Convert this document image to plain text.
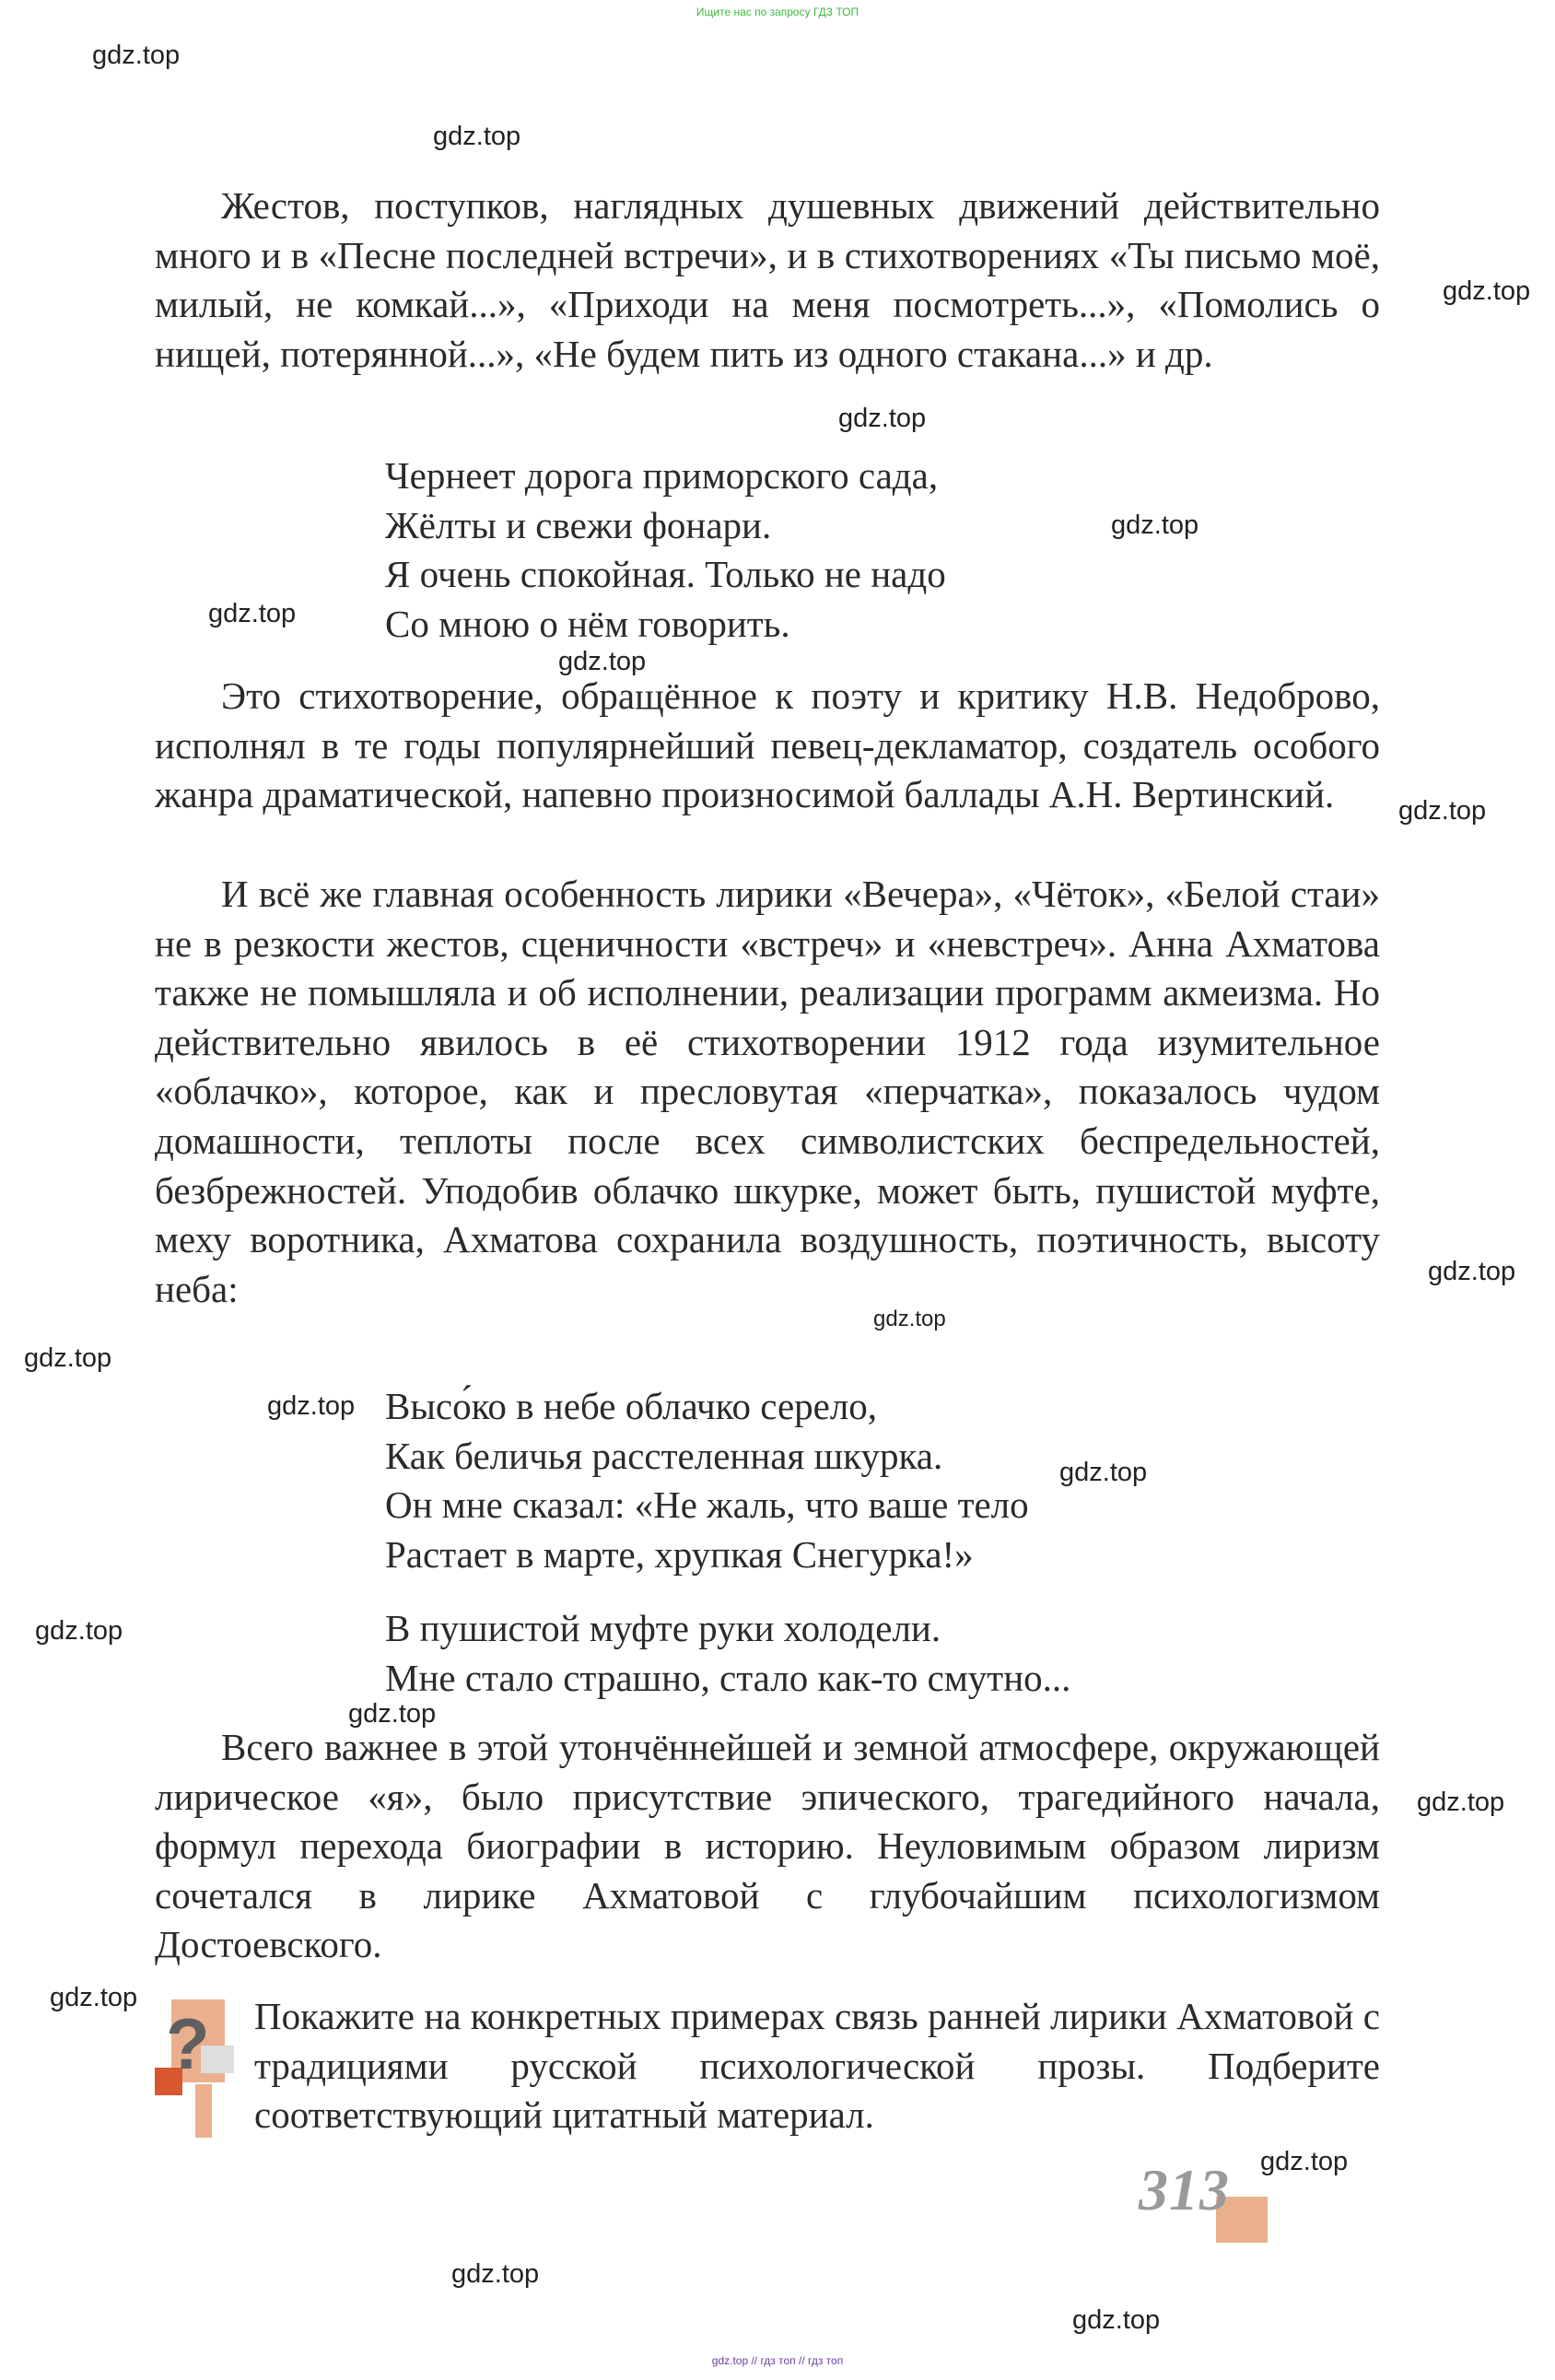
Ищите нас по запросу ГДЗ ТОП
gdz.top // гдз топ // гдз топ
gdz.top
gdz.top
gdz.top
gdz.top
gdz.top
gdz.top
gdz.top
gdz.top
gdz.top
gdz.top
gdz.top
gdz.top
gdz.top
gdz.top
gdz.top
gdz.top
gdz.top
gdz.top
gdz.top
gdz.top

Жестов, поступков, наглядных душевных движений действительно много и в «Песне последней встречи», и в стихотворениях «Ты письмо моё, милый, не комкай...», «Приходи на меня посмотреть...», «Помолись о нищей, потерянной...», «Не будем пить из одного стакана...» и др.

Чернеет дорога приморского сада,
Жёлты и свежи фонари.
Я очень спокойная. Только не надо
Со мною о нём говорить.

Это стихотворение, обращённое к поэту и критику Н.В. Недоброво, исполнял в те годы популярнейший певец-декламатор, создатель особого жанра драматической, напевно произносимой баллады А.Н. Вертинский.

И всё же главная особенность лирики «Вечера», «Чёток», «Белой стаи» не в резкости жестов, сценичности «встреч» и «невстреч». Анна Ахматова также не помышляла и об исполнении, реализации программ акмеизма. Но действительно явилось в её стихотворении 1912 года изумительное «облачко», которое, как и пресловутая «перчатка», показалось чудом домашности, теплоты после всех символистских беспредельностей, безбрежностей. Уподобив облачко шкурке, может быть, пушистой муфте, меху воротника, Ахматова сохранила воздушность, поэтичность, высоту неба:

Высо́ко в небе облачко серело,
Как беличья расстеленная шкурка.
Он мне сказал: «Не жаль, что ваше тело
Растает в марте, хрупкая Снегурка!»
В пушистой муфте руки холодели.
Мне стало страшно, стало как-то смутно...

Всего важнее в этой утончённейшей и земной атмосфере, окружающей лирическое «я», было присутствие эпического, трагедийного начала, формул перехода биографии в историю. Неуловимым образом лиризм сочетался в лирике Ахматовой с глубочайшим психологизмом Достоевского.

? Покажите на конкретных примерах связь ранней лирики Ахматовой с традициями русской психологической прозы. Подберите соответствующий цитатный материал.

313
